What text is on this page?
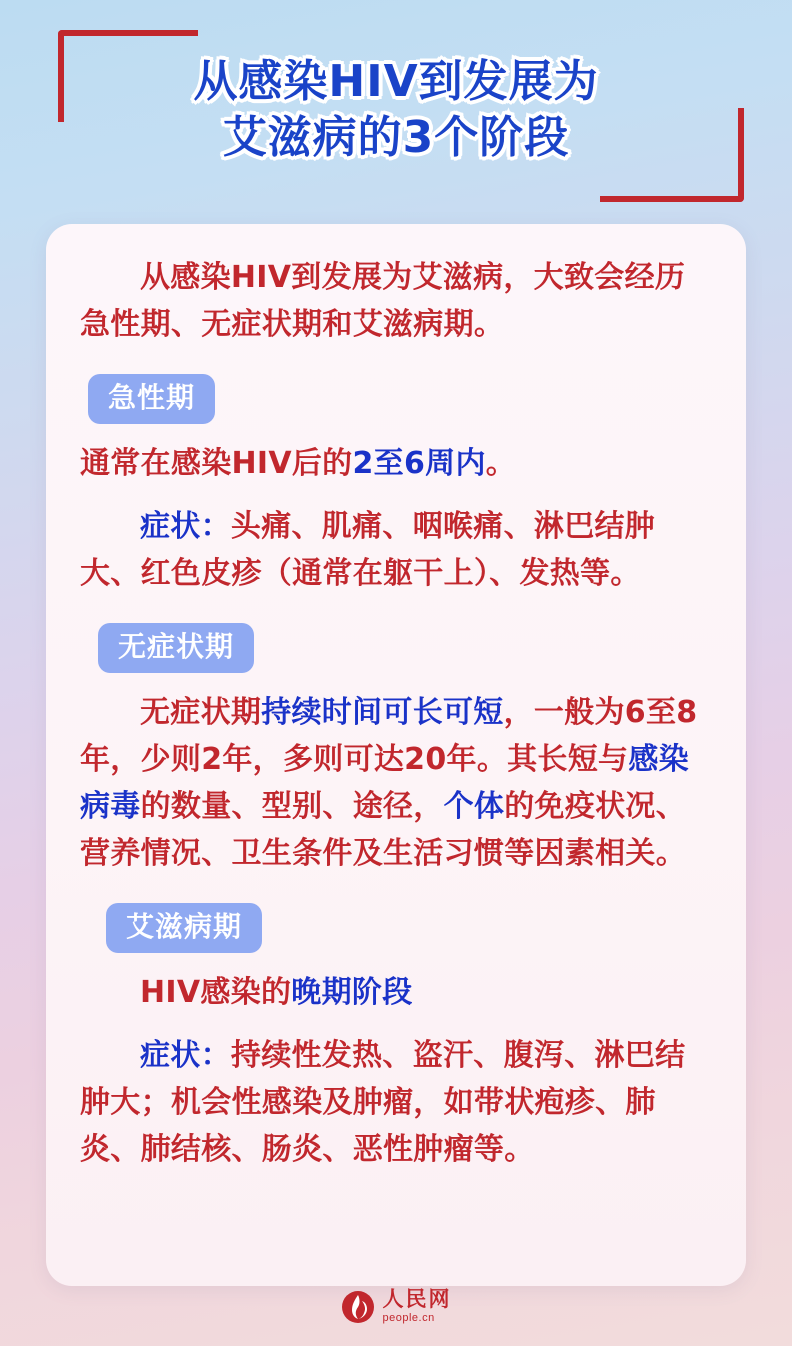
从感染HIV到发展为
艾滋病的3个阶段

从感染HIV到发展为艾滋病，大致会经历急性期、无症状期和艾滋病期。

急性期

通常在感染HIV后的2至6周内。

症状：头痛、肌痛、咽喉痛、淋巴结肿大、红色皮疹（通常在躯干上）、发热等。

无症状期

无症状期持续时间可长可短，一般为6至8年，少则2年，多则可达20年。其长短与感染病毒的数量、型别、途径，个体的免疫状况、营养情况、卫生条件及生活习惯等因素相关。

艾滋病期

HIV感染的晚期阶段

症状：持续性发热、盗汗、腹泻、淋巴结肿大；机会性感染及肿瘤，如带状疱疹、肺炎、肺结核、肠炎、恶性肿瘤等。

人民网
people.cn
